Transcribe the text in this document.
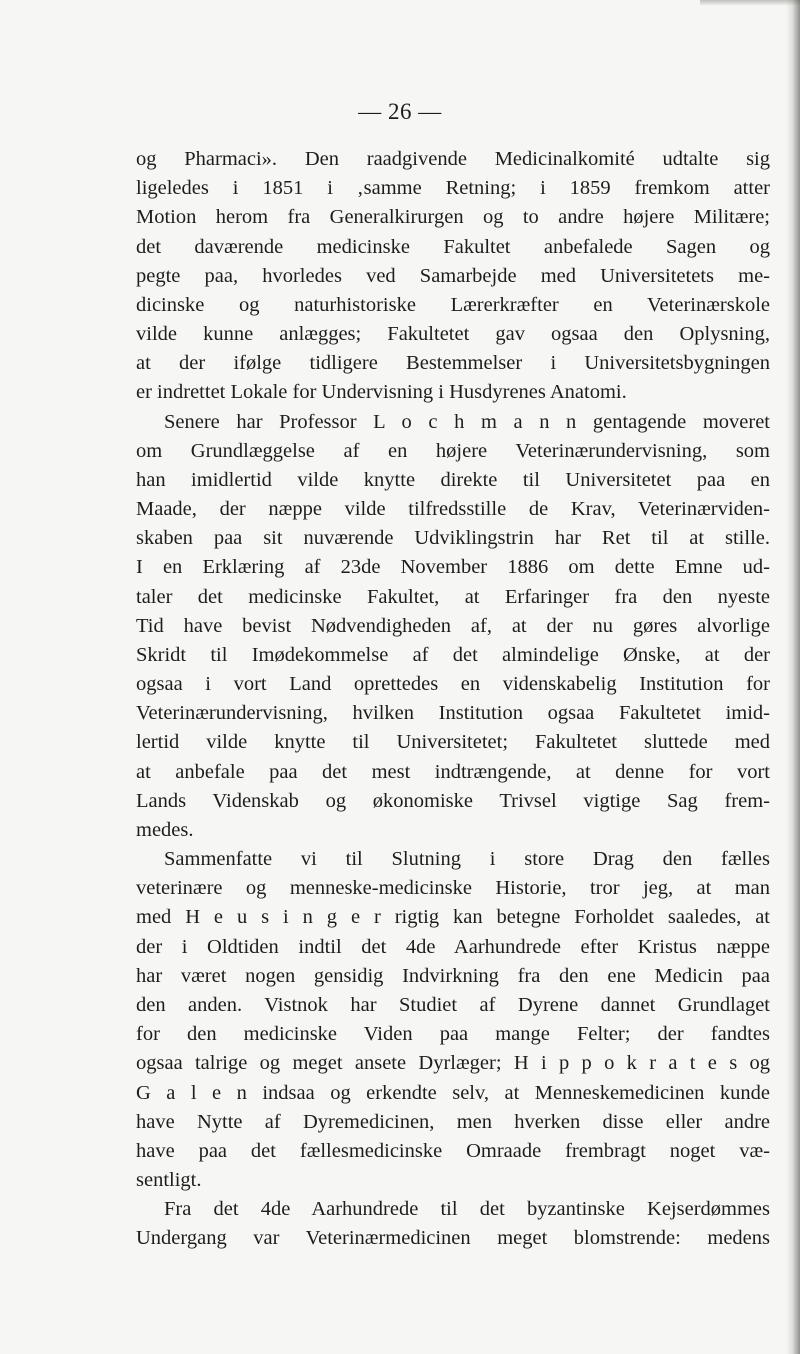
— 26 —
og Pharmaci». Den raadgivende Medicinalkomité udtalte sig
ligeledes i 1851 i ‚samme Retning; i 1859 fremkom atter
Motion herom fra Generalkirurgen og to andre højere Militære;
det daværende medicinske Fakultet anbefalede Sagen og
pegte paa, hvorledes ved Samarbejde med Universitetets me-
dicinske og naturhistoriske Lærerkræfter en Veterinærskole
vilde kunne anlægges; Fakultetet gav ogsaa den Oplysning,
at der ifølge tidligere Bestemmelser i Universitetsbygningen
er indrettet Lokale for Undervisning i Husdyrenes Anatomi.
Senere har Professor L o c h m a n n gentagende moveret
om Grundlæggelse af en højere Veterinærundervisning, som
han imidlertid vilde knytte direkte til Universitetet paa en
Maade, der næppe vilde tilfredsstille de Krav, Veterinærviden-
skaben paa sit nuværende Udviklingstrin har Ret til at stille.
I en Erklæring af 23de November 1886 om dette Emne ud-
taler det medicinske Fakultet, at Erfaringer fra den nyeste
Tid have bevist Nødvendigheden af, at der nu gøres alvorlige
Skridt til Imødekommelse af det almindelige Ønske, at der
ogsaa i vort Land oprettedes en videnskabelig Institution for
Veterinærundervisning, hvilken Institution ogsaa Fakultetet imid-
lertid vilde knytte til Universitetet; Fakultetet sluttede med
at anbefale paa det mest indtrængende, at denne for vort
Lands Videnskab og økonomiske Trivsel vigtige Sag frem-
medes.
Sammenfatte vi til Slutning i store Drag den fælles
veterinære og menneske-medicinske Historie, tror jeg, at man
med H e u s i n g e r rigtig kan betegne Forholdet saaledes, at
der i Oldtiden indtil det 4de Aarhundrede efter Kristus næppe
har været nogen gensidig Indvirkning fra den ene Medicin paa
den anden. Vistnok har Studiet af Dyrene dannet Grundlaget
for den medicinske Viden paa mange Felter; der fandtes
ogsaa talrige og meget ansete Dyrlæger; H i p p o k r a t e s og
G a l e n indsaa og erkendte selv, at Menneskemedicinen kunde
have Nytte af Dyremedicinen, men hverken disse eller andre
have paa det fællesmedicinske Omraade frembragt noget væ-
sentligt.
Fra det 4de Aarhundrede til det byzantinske Kejserdømmes
Undergang var Veterinærmedicinen meget blomstrende: medens
